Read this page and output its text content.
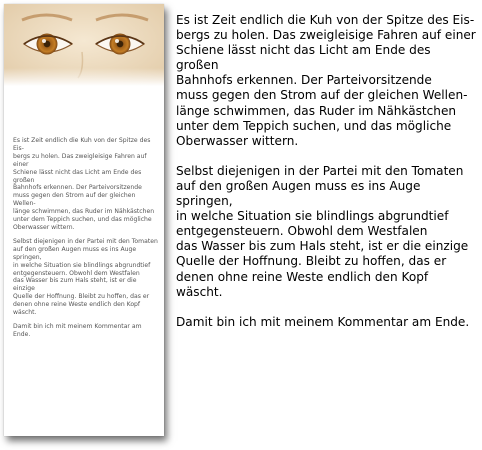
Es ist Zeit endlich die Kuh von der Spitze des Eis-
bergs zu holen. Das zweigleisige Fahren auf einer
Schiene lässt nicht das Licht am Ende des großen
Bahnhofs erkennen. Der Parteivorsitzende
muss gegen den Strom auf der gleichen Wellen-
länge schwimmen, das Ruder im Nähkästchen
unter dem Teppich suchen, und das mögliche
Oberwasser wittern.

Selbst diejenigen in der Partei mit den Tomaten
auf den großen Augen muss es ins Auge springen,
in welche Situation sie blindlings abgrundtief
entgegensteuern. Obwohl dem Westfalen
das Wasser bis zum Hals steht, ist er die einzige
Quelle der Hoffnung. Bleibt zu hoffen, das er
denen ohne reine Weste endlich den Kopf wäscht.

Damit bin ich mit meinem Kommentar am Ende.

Es ist Zeit endlich die Kuh von der Spitze des Eis-
bergs zu holen. Das zweigleisige Fahren auf einer
Schiene lässt nicht das Licht am Ende des großen
Bahnhofs erkennen. Der Parteivorsitzende
muss gegen den Strom auf der gleichen Wellen-
länge schwimmen, das Ruder im Nähkästchen
unter dem Teppich suchen, und das mögliche
Oberwasser wittern.

Selbst diejenigen in der Partei mit den Tomaten
auf den großen Augen muss es ins Auge springen,
in welche Situation sie blindlings abgrundtief
entgegensteuern. Obwohl dem Westfalen
das Wasser bis zum Hals steht, ist er die einzige
Quelle der Hoffnung. Bleibt zu hoffen, das er
denen ohne reine Weste endlich den Kopf wäscht.

Damit bin ich mit meinem Kommentar am Ende.
